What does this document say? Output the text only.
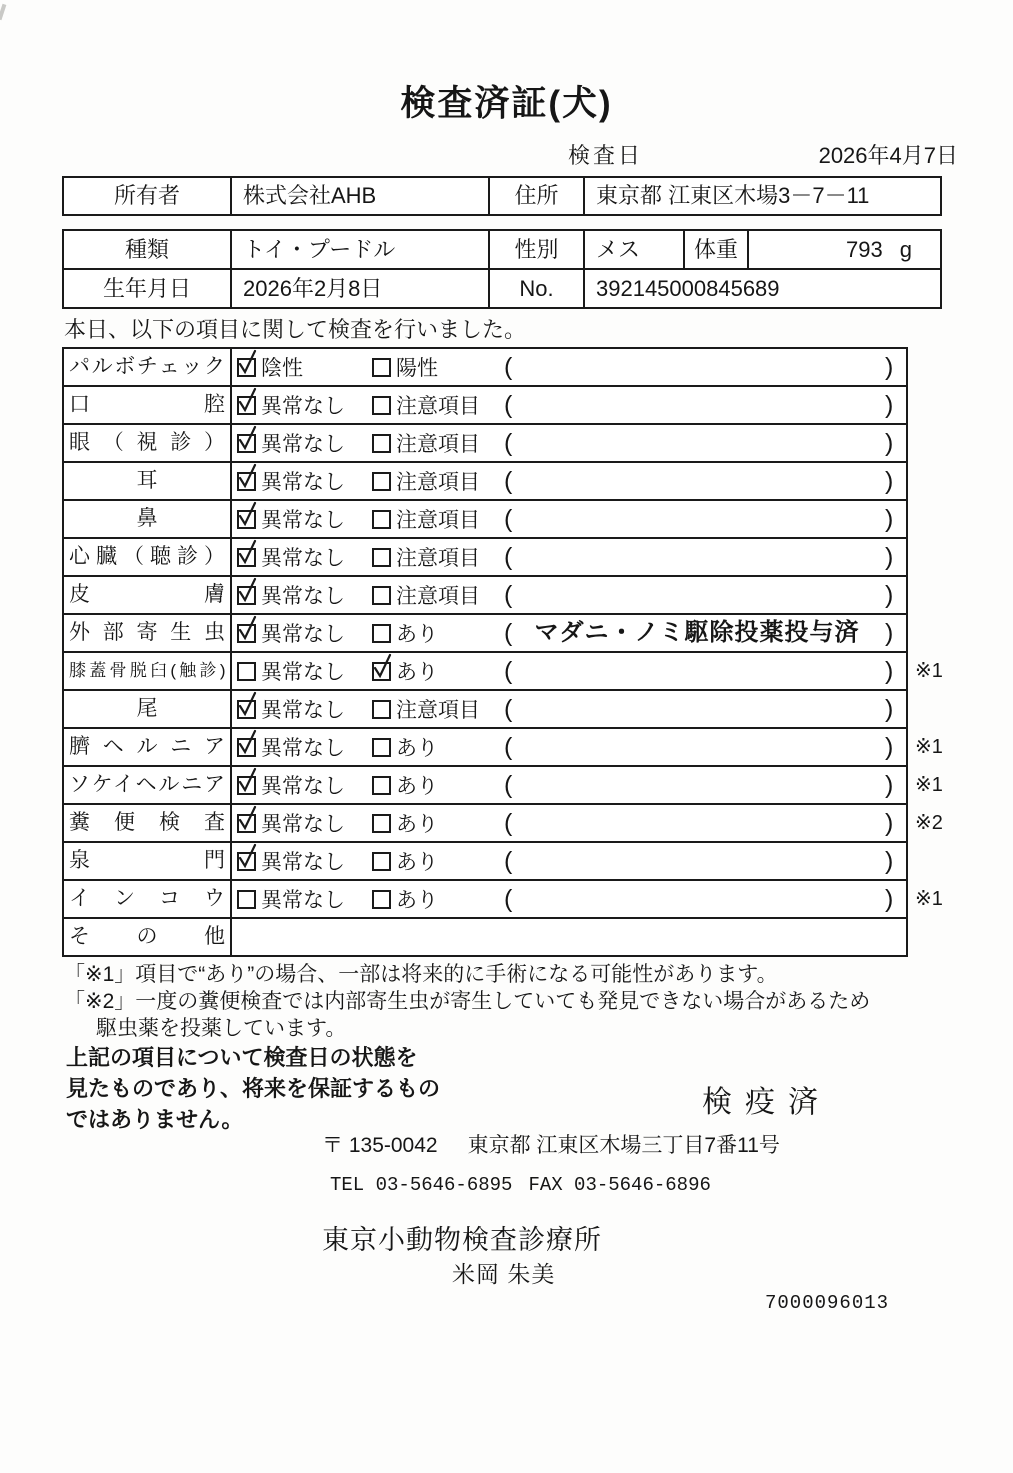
検査済証(犬)
検査日	2026年4月7日
所有者	株式会社AHB	住所	東京都 江東区木場3－7－11
種類	トイ・プードル	性別	メス	体重	793 g
生年月日	2026年2月8日	No.	392145000845689
本日、以下の項目に関して検査を行いました。
パルボチェック	陰性	陽性	(	)
口腔	異常なし 注意項目 (	)
眼（視診）	異常なし 注意項目 (	)
耳	異常なし 注意項目 (	)
鼻	異常なし 注意項目 (	)
心臓（聴診）	異常なし 注意項目 (	)
皮膚	異常なし 注意項目 (	)
外部寄生虫	異常なし あり	( マダニ・ノミ駆除投薬投与済	)
膝蓋骨脱臼(触診)	異常なし あり	(	) ※1
尾	異常なし 注意項目 (	)
臍ヘルニア	異常なし あり	(	) ※1
ソケイヘルニア	異常なし あり	(	) ※1
糞便検査	異常なし あり	(	) ※2
泉門	異常なし あり	(	)
インコウ	異常なし あり	(	) ※1
その他
「※1」項目で“あり”の場合、一部は将来的に手術になる可能性があります。
「※2」一度の糞便検査では内部寄生虫が寄生していても発見できない場合があるため
駆虫薬を投薬しています。
上記の項目について検査日の状態を
見たものであり、将来を保証するもの
ではありません。
検疫済
〒 135-0042 東京都 江東区木場三丁目7番11号
TEL 03-5646-6895 FAX 03-5646-6896
東京小動物検査診療所
米岡 朱美
7000096013
